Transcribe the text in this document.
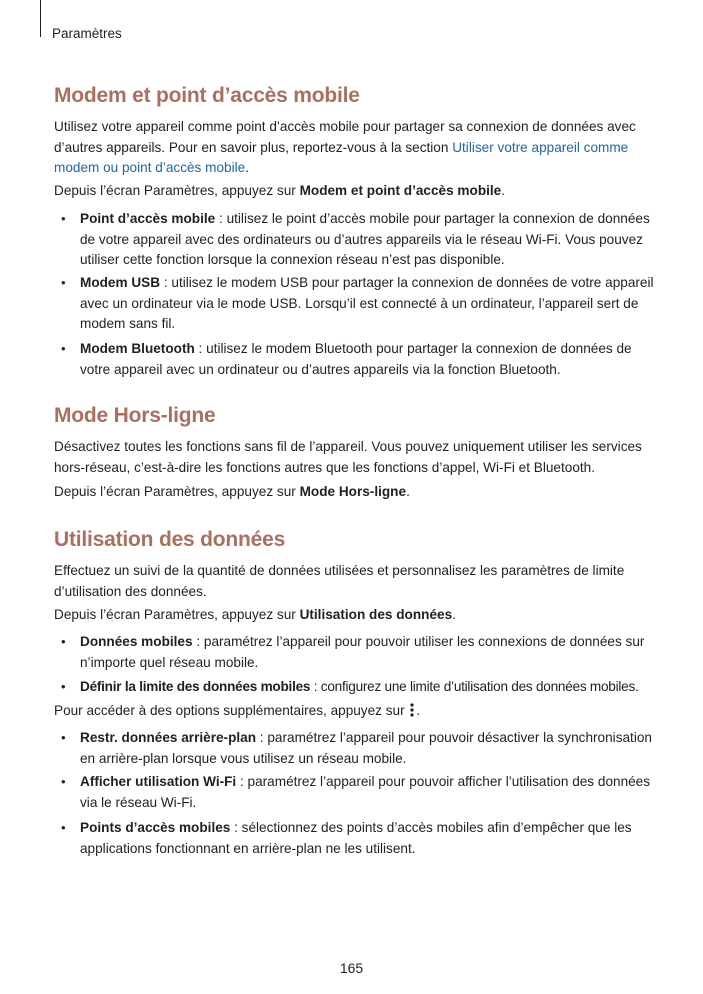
Paramètres
Modem et point d’accès mobile

Utilisez votre appareil comme point d’accès mobile pour partager sa connexion de données avec d’autres appareils. Pour en savoir plus, reportez-vous à la section Utiliser votre appareil comme modem ou point d’accès mobile.

Depuis l’écran Paramètres, appuyez sur Modem et point d’accès mobile.

• Point d’accès mobile : utilisez le point d’accès mobile pour partager la connexion de données de votre appareil avec des ordinateurs ou d’autres appareils via le réseau Wi-Fi. Vous pouvez utiliser cette fonction lorsque la connexion réseau n’est pas disponible.
• Modem USB : utilisez le modem USB pour partager la connexion de données de votre appareil avec un ordinateur via le mode USB. Lorsqu’il est connecté à un ordinateur, l’appareil sert de modem sans fil.
• Modem Bluetooth : utilisez le modem Bluetooth pour partager la connexion de données de votre appareil avec un ordinateur ou d’autres appareils via la fonction Bluetooth.
Mode Hors-ligne

Désactivez toutes les fonctions sans fil de l’appareil. Vous pouvez uniquement utiliser les services hors-réseau, c’est-à-dire les fonctions autres que les fonctions d’appel, Wi-Fi et Bluetooth.

Depuis l’écran Paramètres, appuyez sur Mode Hors-ligne.

Utilisation des données

Effectuez un suivi de la quantité de données utilisées et personnalisez les paramètres de limite d’utilisation des données.

Depuis l’écran Paramètres, appuyez sur Utilisation des données.

• Données mobiles : paramétrez l’appareil pour pouvoir utiliser les connexions de données sur n’importe quel réseau mobile.
• Définir la limite des données mobiles : configurez une limite d’utilisation des données mobiles.

Pour accéder à des options supplémentaires, appuyez sur .

• Restr. données arrière-plan : paramétrez l’appareil pour pouvoir désactiver la synchronisation en arrière-plan lorsque vous utilisez un réseau mobile.
• Afficher utilisation Wi-Fi : paramétrez l’appareil pour pouvoir afficher l’utilisation des données via le réseau Wi-Fi.
• Points d’accès mobiles : sélectionnez des points d’accès mobiles afin d’empêcher que les applications fonctionnant en arrière-plan ne les utilisent.
165
